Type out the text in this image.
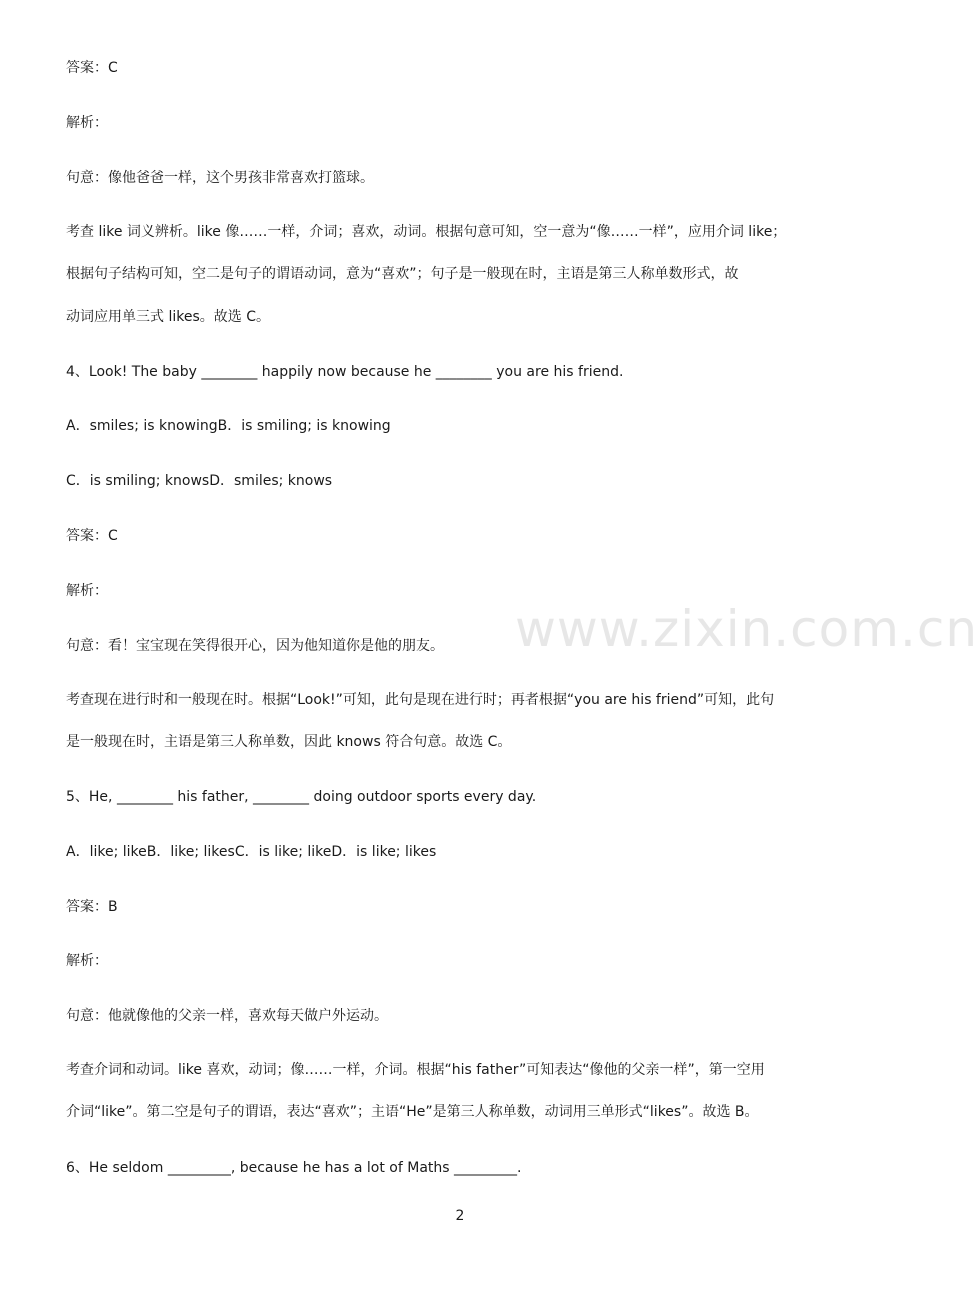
www.zixin.com.cn
答案：C
解析：
句意：像他爸爸一样，这个男孩非常喜欢打篮球。
考查 like 词义辨析。like 像……一样，介词；喜欢，动词。根据句意可知，空一意为“像……一样”，应用介词 like；
根据句子结构可知，空二是句子的谓语动词，意为“喜欢”；句子是一般现在时，主语是第三人称单数形式，故
动词应用单三式 likes。故选 C。
4、Look! The baby ________ happily now because he ________ you are his friend.
A．smiles; is knowingB．is smiling; is knowing
C．is smiling; knowsD．smiles; knows
答案：C
解析：
句意：看！宝宝现在笑得很开心，因为他知道你是他的朋友。
考查现在进行时和一般现在时。根据“Look!”可知，此句是现在进行时；再者根据“you are his friend”可知，此句
是一般现在时，主语是第三人称单数，因此 knows 符合句意。故选 C。
5、He, ________ his father, ________ doing outdoor sports every day.
A．like; likeB．like; likesC．is like; likeD．is like; likes
答案：B
解析：
句意：他就像他的父亲一样，喜欢每天做户外运动。
考查介词和动词。like 喜欢，动词；像……一样，介词。根据“his father”可知表达“像他的父亲一样”，第一空用
介词“like”。第二空是句子的谓语，表达“喜欢”；主语“He”是第三人称单数，动词用三单形式“likes”。故选 B。
6、He seldom _________, because he has a lot of Maths _________.
2
